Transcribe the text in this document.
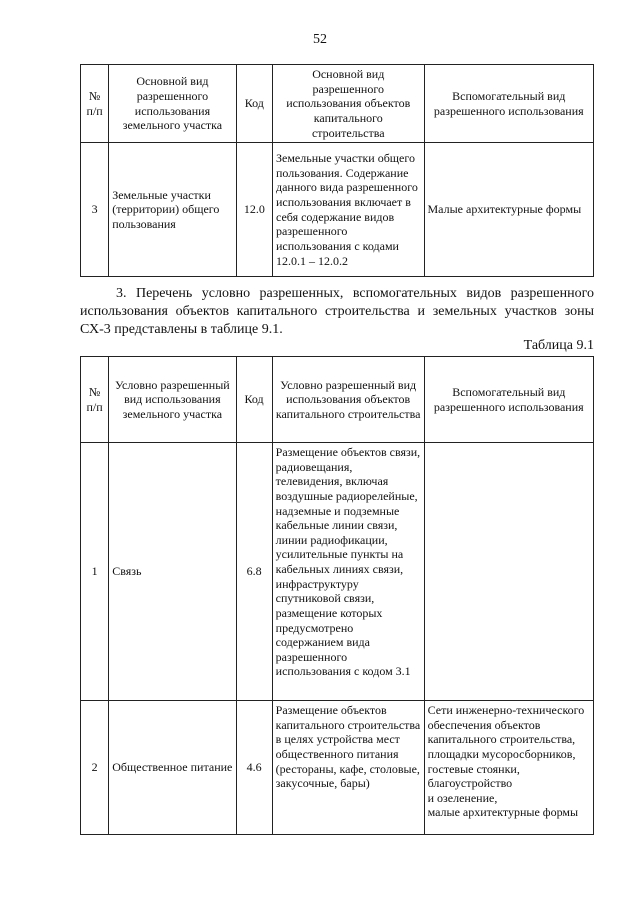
52
№ п/п	Основной вид разрешенного использования земельного участка	Код	Основной вид разрешенного использования объектов капитального строительства	Вспомогательный вид разрешенного использования
3	Земельные участки (территории) общего пользования	12.0	Земельные участки общего пользования. Содержание данного вида разрешенного использования включает в себя содержание видов разрешенного использования с кодами 12.0.1 – 12.0.2	Малые архитектурные формы

3. Перечень условно разрешенных, вспомогательных видов разрешенного использования объектов капитального строительства и земельных участков зоны СХ-3 представлены в таблице 9.1.

Таблица 9.1
№ п/п	Условно разрешенный вид использования земельного участка	Код	Условно разрешенный вид использования объектов капитального строительства	Вспомогательный вид разрешенного использования
1	Связь	6.8	Размещение объектов связи, радиовещания, телевидения, включая воздушные радиорелейные, надземные и подземные кабельные линии связи, линии радиофикации, усилительные пункты на кабельных линиях связи, инфраструктуру спутниковой связи, размещение которых предусмотрено содержанием вида разрешенного использования с кодом 3.1	
2	Общественное питание	4.6	Размещение объектов капитального строительства в целях устройства мест общественного питания (рестораны, кафе, столовые, закусочные, бары)	Сети инженерно-технического обеспечения объектов капитального строительства,
площадки мусоросборников, гостевые стоянки,
благоустройство
и озеленение,
малые архитектурные формы
